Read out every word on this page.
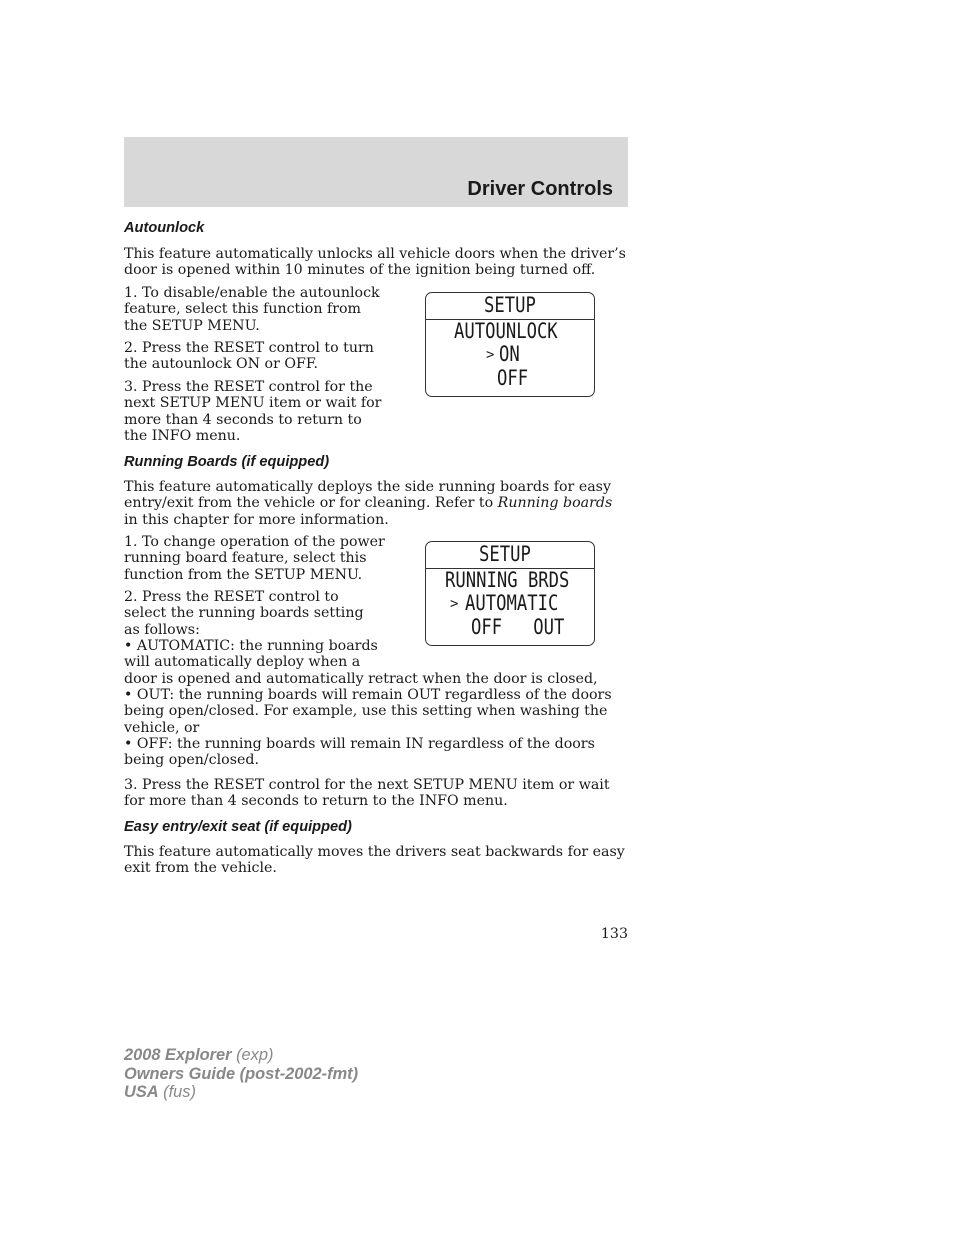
Driver Controls
Autounlock

This feature automatically unlocks all vehicle doors when the driver’s door is opened within 10 minutes of the ignition being turned off.

1. To disable/enable the autounlock feature, select this function from the SETUP MENU.

2. Press the RESET control to turn the autounlock ON or OFF.

3. Press the RESET control for the next SETUP MENU item or wait for more than 4 seconds to return to the INFO menu.

SETUP
AUTOUNLOCK
> ON
OFF
Running Boards (if equipped)

This feature automatically deploys the side running boards for easy entry/exit from the vehicle or for cleaning. Refer to Running boards in this chapter for more information.

1. To change operation of the power running board feature, select this function from the SETUP MENU.

2. Press the RESET control to select the running boards setting as follows:

• AUTOMATIC: the running boards will automatically deploy when a

door is opened and automatically retract when the door is closed,

• OUT: the running boards will remain OUT regardless of the doors being open/closed. For example, use this setting when washing the vehicle, or

• OFF: the running boards will remain IN regardless of the doors being open/closed.

3. Press the RESET control for the next SETUP MENU item or wait for more than 4 seconds to return to the INFO menu.

SETUP
RUNNING BRDS
> AUTOMATIC
OFF   OUT
Easy entry/exit seat (if equipped)

This feature automatically moves the drivers seat backwards for easy exit from the vehicle.

133
2008 Explorer (exp)
Owners Guide (post-2002-fmt)
USA (fus)
